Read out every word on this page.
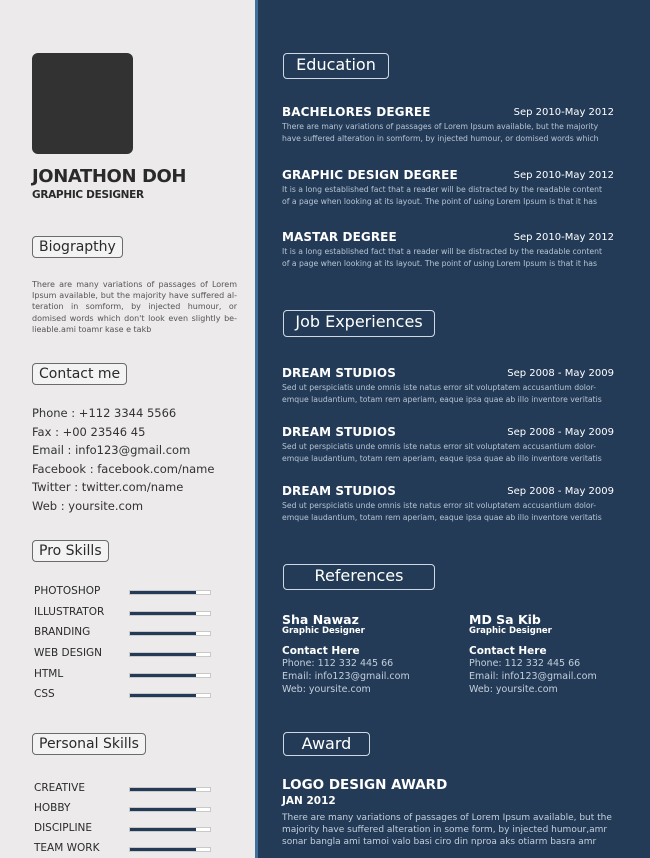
JONATHON DOH
GRAPHIC DESIGNER
Biograpthy
There are many variations of passages of Lorem Ipsum available, but the majority have suffered al-teration in somform, by injected humour, or domised words which don't look even slightly be-lieable.ami toamr kase e takb
Contact me
Phone : +112 3344 5566
Fax : +00 23546 45
Email : info123@gmail.com
Facebook : facebook.com/name
Twitter : twitter.com/name
Web : yoursite.com
Pro Skills
PHOTOSHOP
ILLUSTRATOR
BRANDING
WEB DESIGN
HTML
CSS
Personal Skills
CREATIVE
HOBBY
DISCIPLINE
TEAM WORK
Education
BACHELORES DEGREE	Sep 2010-May 2012
There are many variations of passages of Lorem Ipsum available, but the majority
have suffered alteration in somform, by injected humour, or domised words which
GRAPHIC DESIGN DEGREE	Sep 2010-May 2012
It is a long established fact that a reader will be distracted by the readable content
of a page when looking at its layout. The point of using Lorem Ipsum is that it has
MASTAR DEGREE	Sep 2010-May 2012
It is a long established fact that a reader will be distracted by the readable content
of a page when looking at its layout. The point of using Lorem Ipsum is that it has
Job Experiences
DREAM STUDIOS	Sep 2008 - May 2009
Sed ut perspiciatis unde omnis iste natus error sit voluptatem accusantium dolor-
emque laudantium, totam rem aperiam, eaque ipsa quae ab illo inventore veritatis
DREAM STUDIOS	Sep 2008 - May 2009
Sed ut perspiciatis unde omnis iste natus error sit voluptatem accusantium dolor-
emque laudantium, totam rem aperiam, eaque ipsa quae ab illo inventore veritatis
DREAM STUDIOS	Sep 2008 - May 2009
Sed ut perspiciatis unde omnis iste natus error sit voluptatem accusantium dolor-
emque laudantium, totam rem aperiam, eaque ipsa quae ab illo inventore veritatis
References
Sha Nawaz
Graphic Designer
Contact Here
Phone: 112 332 445 66
Email: info123@gmail.com
Web: yoursite.com
MD Sa Kib
Graphic Designer
Contact Here
Phone: 112 332 445 66
Email: info123@gmail.com
Web: yoursite.com
Award
LOGO DESIGN AWARD
JAN 2012
There are many variations of passages of Lorem Ipsum available, but the majority have suffered alteration in some form, by injected humour,amr sonar bangla ami tamoi valo basi ciro din nproa aks otiarm basra amr
